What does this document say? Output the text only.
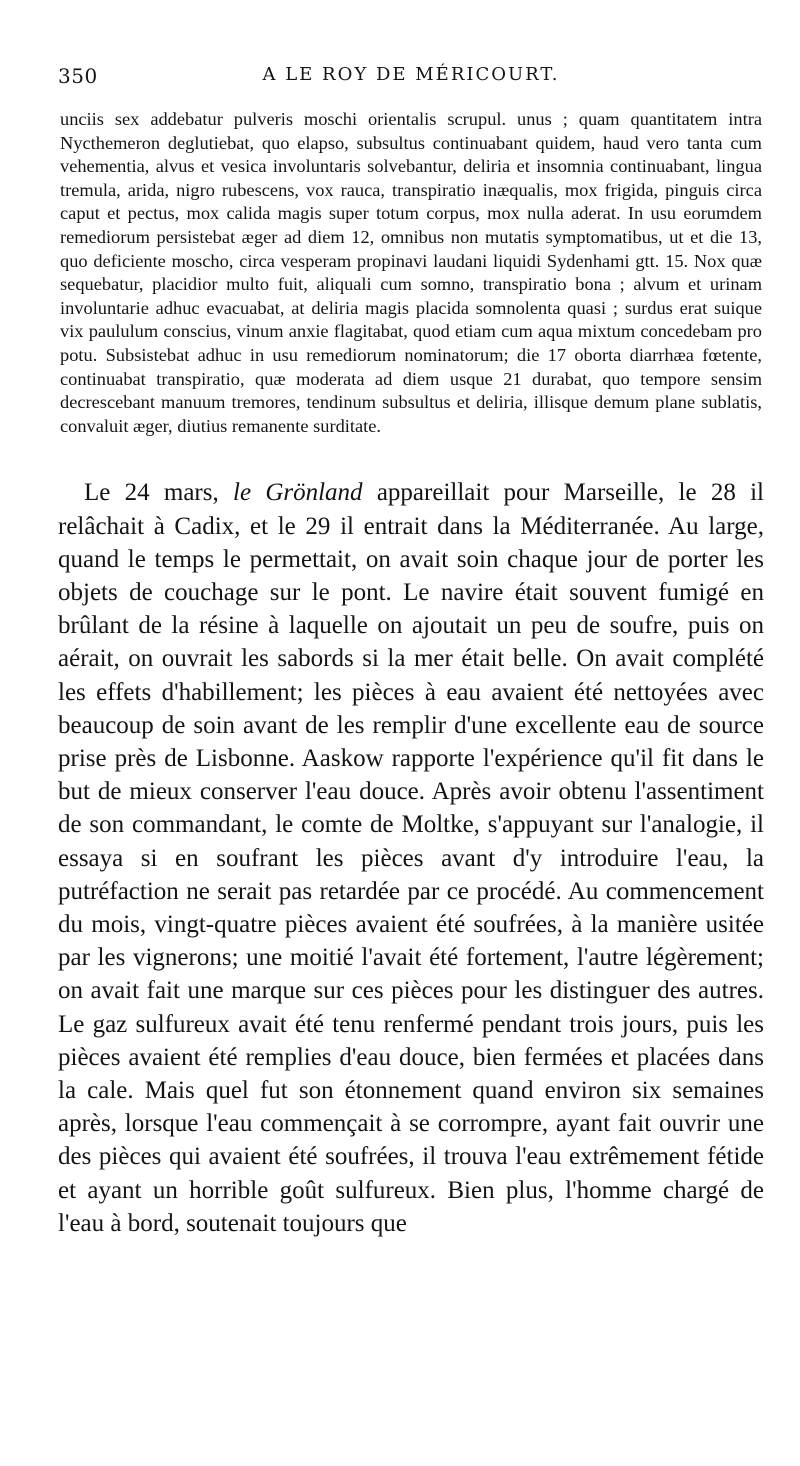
350	A LE ROY DE MÉRICOURT.

unciis sex addebatur pulveris moschi orientalis scrupul. unus ; quam quantitatem intra Nycthemeron deglutiebat, quo elapso, subsultus continuabant quidem, haud vero tanta cum vehementia, alvus et vesica involuntaris solvebantur, deliria et insomnia continuabant, lingua tremula, arida, nigro rubescens, vox rauca, transpiratio inæqualis, mox frigida, pinguis circa caput et pectus, mox calida magis super totum corpus, mox nulla aderat. In usu eorumdem remediorum persistebat æger ad diem 12, omnibus non mutatis symptomatibus, ut et die 13, quo deficiente moscho, circa vesperam propinavi laudani liquidi Sydenhami gtt. 15. Nox quæ sequebatur, placidior multo fuit, aliquali cum somno, transpiratio bona ; alvum et urinam involuntarie adhuc evacuabat, at deliria magis placida somnolenta quasi ; surdus erat suique vix paululum conscius, vinum anxie flagitabat, quod etiam cum aqua mixtum concedebam pro potu. Subsistebat adhuc in usu remediorum nominatorum; die 17 oborta diarrhæa fœtente, continuabat transpiratio, quæ moderata ad diem usque 21 durabat, quo tempore sensim decrescebant manuum tremores, tendinum subsultus et deliria, illisque demum plane sublatis, convaluit æger, diutius remanente surditate.

Le 24 mars, le Grönland appareillait pour Marseille, le 28 il relâchait à Cadix, et le 29 il entrait dans la Méditerranée. Au large, quand le temps le permettait, on avait soin chaque jour de porter les objets de couchage sur le pont. Le navire était souvent fumigé en brûlant de la résine à laquelle on ajoutait un peu de soufre, puis on aérait, on ouvrait les sabords si la mer était belle. On avait complété les effets d'habillement; les pièces à eau avaient été nettoyées avec beaucoup de soin avant de les remplir d'une excellente eau de source prise près de Lisbonne. Aaskow rapporte l'expérience qu'il fit dans le but de mieux conserver l'eau douce. Après avoir obtenu l'assentiment de son commandant, le comte de Moltke, s'appuyant sur l'analogie, il essaya si en soufrant les pièces avant d'y introduire l'eau, la putréfaction ne serait pas retardée par ce procédé. Au commencement du mois, vingt-quatre pièces avaient été soufrées, à la manière usitée par les vignerons; une moitié l'avait été fortement, l'autre légèrement; on avait fait une marque sur ces pièces pour les distinguer des autres. Le gaz sulfureux avait été tenu renfermé pendant trois jours, puis les pièces avaient été remplies d'eau douce, bien fermées et placées dans la cale. Mais quel fut son étonnement quand environ six semaines après, lorsque l'eau commençait à se corrompre, ayant fait ouvrir une des pièces qui avaient été soufrées, il trouva l'eau extrêmement fétide et ayant un horrible goût sulfureux. Bien plus, l'homme chargé de l'eau à bord, soutenait toujours que
